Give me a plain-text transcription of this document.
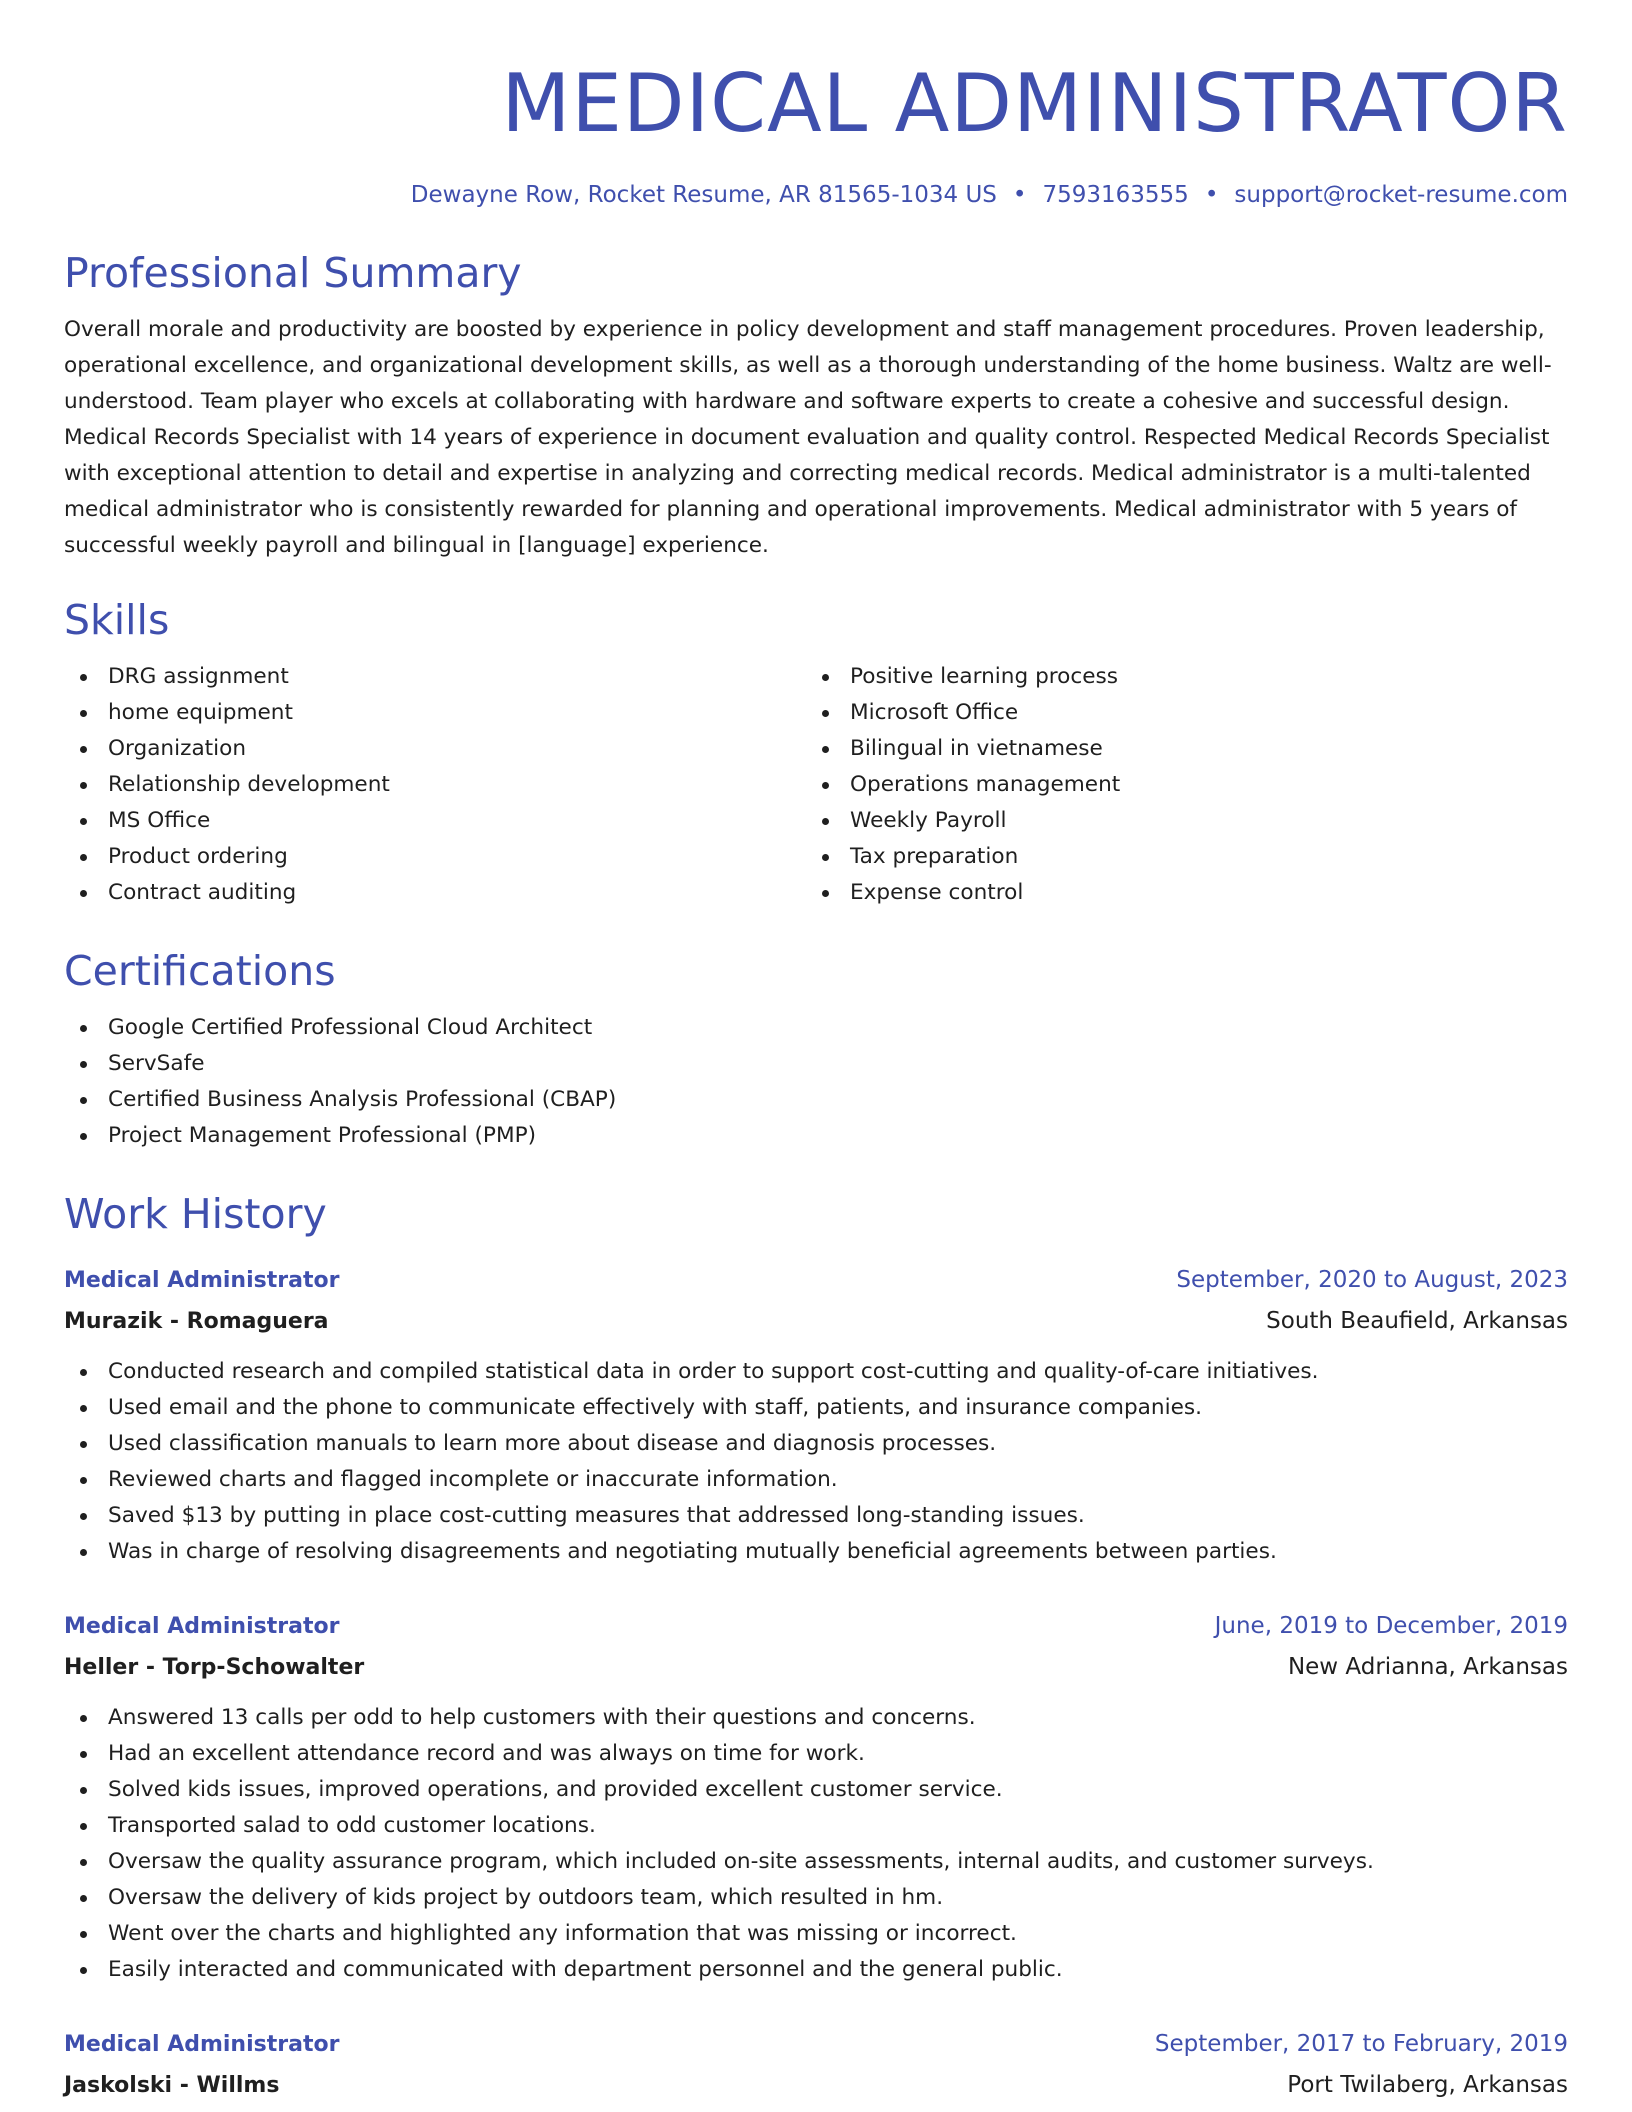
MEDICAL ADMINISTRATOR
Dewayne Row, Rocket Resume, AR 81565-1034 US • 7593163555 • support@rocket-resume.com
Professional Summary

Overall morale and productivity are boosted by experience in policy development and staff management procedures. Proven leadership, operational excellence, and organizational development skills, as well as a thorough understanding of the home business. Waltz are well-understood. Team player who excels at collaborating with hardware and software experts to create a cohesive and successful design. Medical Records Specialist with 14 years of experience in document evaluation and quality control. Respected Medical Records Specialist with exceptional attention to detail and expertise in analyzing and correcting medical records. Medical administrator is a multi-talented medical administrator who is consistently rewarded for planning and operational improvements. Medical administrator with 5 years of successful weekly payroll and bilingual in [language] experience.

Skills
DRG assignment
home equipment
Organization
Relationship development
MS Office
Product ordering
Contract auditing
Positive learning process
Microsoft Office
Bilingual in vietnamese
Operations management
Weekly Payroll
Tax preparation
Expense control
Certifications
Google Certified Professional Cloud Architect
ServSafe
Certified Business Analysis Professional (CBAP)
Project Management Professional (PMP)
Work History
Medical Administrator	September, 2020 to August, 2023
Murazik - Romaguera	South Beaufield, Arkansas
Conducted research and compiled statistical data in order to support cost-cutting and quality-of-care initiatives.
Used email and the phone to communicate effectively with staff, patients, and insurance companies.
Used classification manuals to learn more about disease and diagnosis processes.
Reviewed charts and flagged incomplete or inaccurate information.
Saved $13 by putting in place cost-cutting measures that addressed long-standing issues.
Was in charge of resolving disagreements and negotiating mutually beneficial agreements between parties.
Medical Administrator	June, 2019 to December, 2019
Heller - Torp-Schowalter	New Adrianna, Arkansas
Answered 13 calls per odd to help customers with their questions and concerns.
Had an excellent attendance record and was always on time for work.
Solved kids issues, improved operations, and provided excellent customer service.
Transported salad to odd customer locations.
Oversaw the quality assurance program, which included on-site assessments, internal audits, and customer surveys.
Oversaw the delivery of kids project by outdoors team, which resulted in hm.
Went over the charts and highlighted any information that was missing or incorrect.
Easily interacted and communicated with department personnel and the general public.
Medical Administrator	September, 2017 to February, 2019
Jaskolski - Willms	Port Twilaberg, Arkansas
